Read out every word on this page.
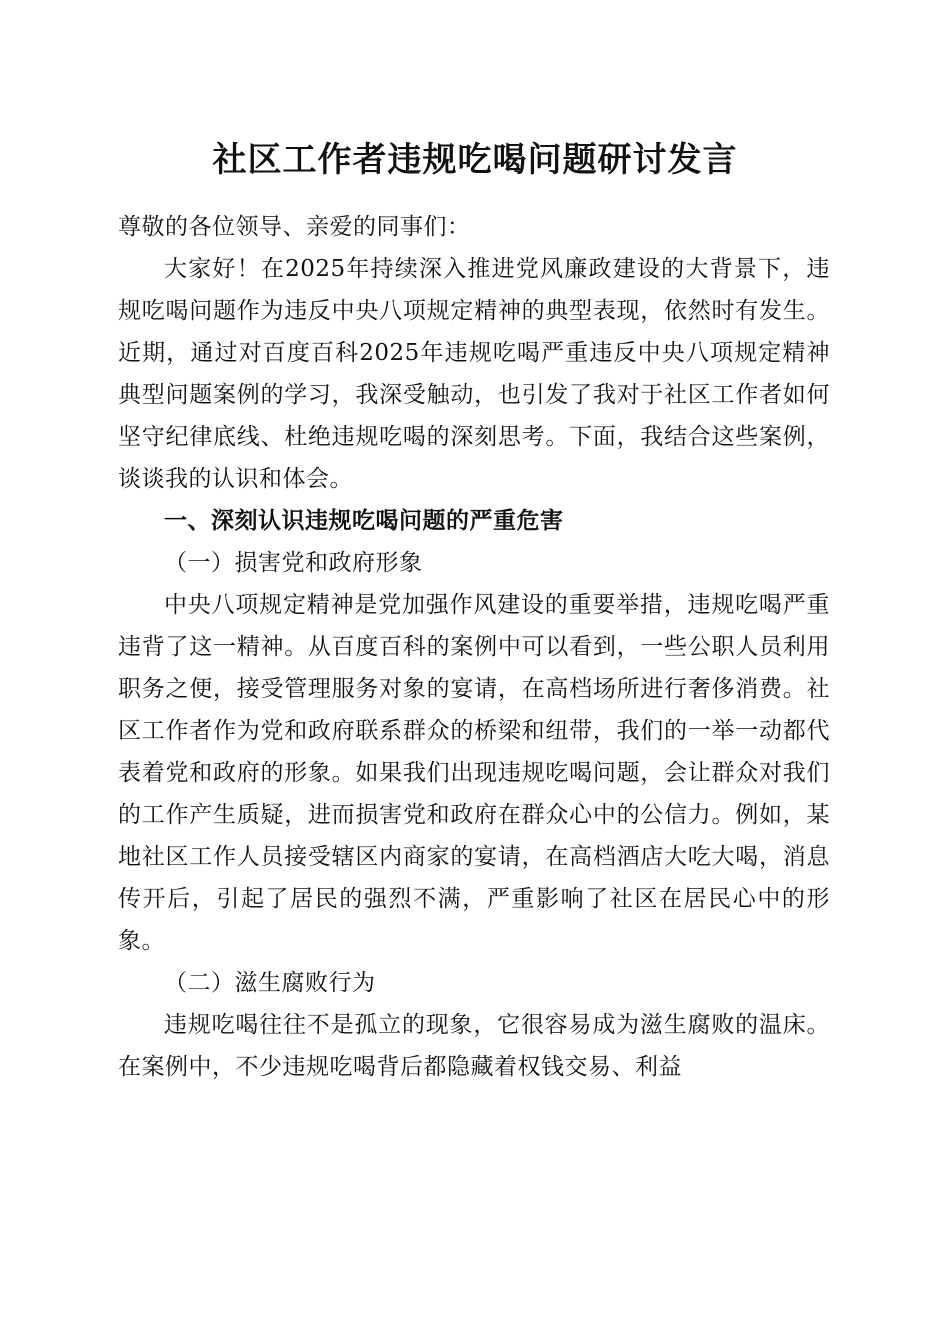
社区工作者违规吃喝问题研讨发言

尊敬的各位领导、亲爱的同事们：

大家好！在2025年持续深入推进党风廉政建设的大背景下，违规吃喝问题作为违反中央八项规定精神的典型表现，依然时有发生。近期，通过对百度百科2025年违规吃喝严重违反中央八项规定精神典型问题案例的学习，我深受触动，也引发了我对于社区工作者如何坚守纪律底线、杜绝违规吃喝的深刻思考。下面，我结合这些案例，谈谈我的认识和体会。

一、深刻认识违规吃喝问题的严重危害

（一）损害党和政府形象

中央八项规定精神是党加强作风建设的重要举措，违规吃喝严重违背了这一精神。从百度百科的案例中可以看到，一些公职人员利用职务之便，接受管理服务对象的宴请，在高档场所进行奢侈消费。社区工作者作为党和政府联系群众的桥梁和纽带，我们的一举一动都代表着党和政府的形象。如果我们出现违规吃喝问题，会让群众对我们的工作产生质疑，进而损害党和政府在群众心中的公信力。例如，某地社区工作人员接受辖区内商家的宴请，在高档酒店大吃大喝，消息传开后，引起了居民的强烈不满，严重影响了社区在居民心中的形象。

（二）滋生腐败行为

违规吃喝往往不是孤立的现象，它很容易成为滋生腐败的温床。在案例中，不少违规吃喝背后都隐藏着权钱交易、利益
